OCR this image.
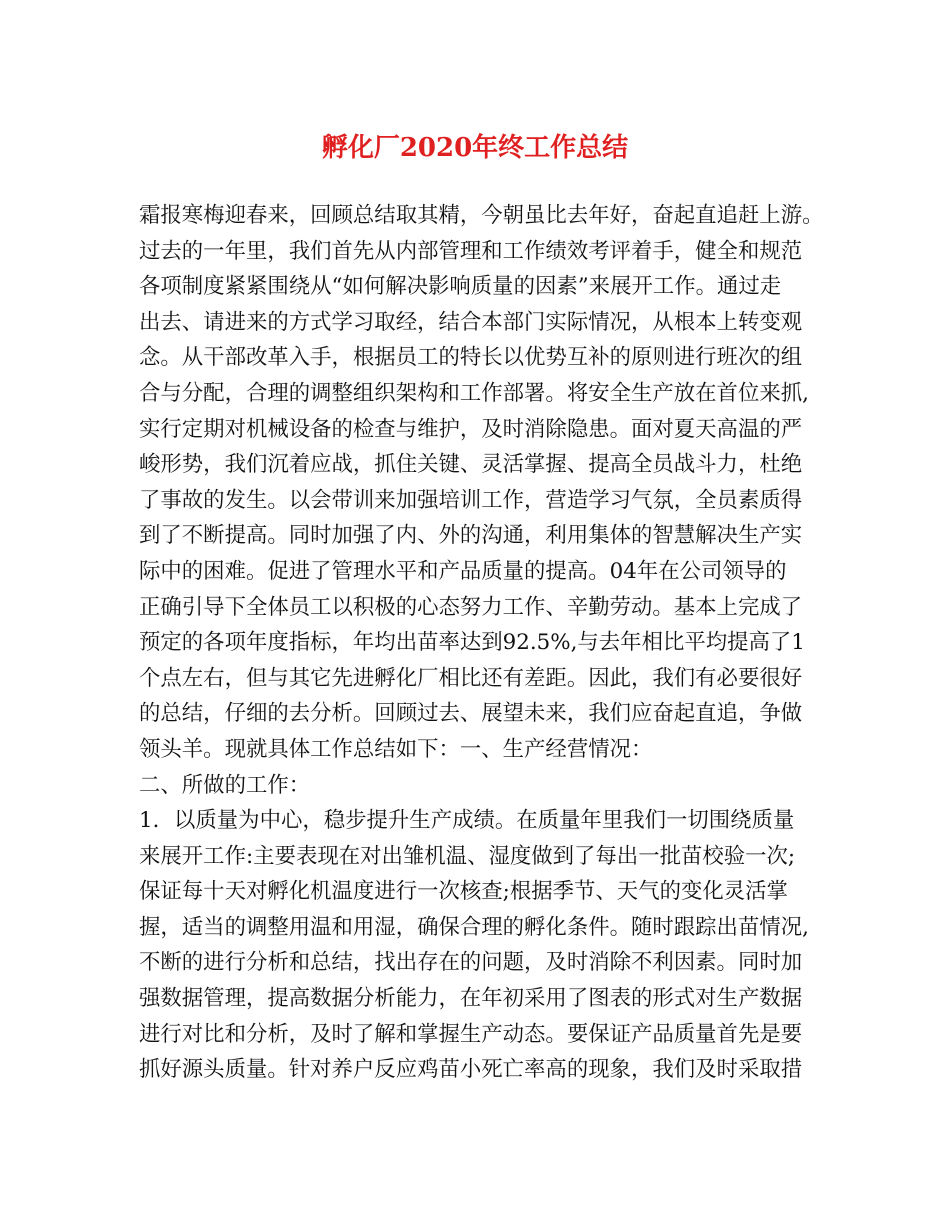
孵化厂2020年终工作总结
霜报寒梅迎春来，回顾总结取其精，今朝虽比去年好，奋起直追赶上游。
过去的一年里，我们首先从内部管理和工作绩效考评着手，健全和规范
各项制度紧紧围绕从“如何解决影响质量的因素”来展开工作。通过走
出去、请进来的方式学习取经，结合本部门实际情况，从根本上转变观
念。从干部改革入手，根据员工的特长以优势互补的原则进行班次的组
合与分配，合理的调整组织架构和工作部署。将安全生产放在首位来抓,
实行定期对机械设备的检查与维护，及时消除隐患。面对夏天高温的严
峻形势，我们沉着应战，抓住关键、灵活掌握、提高全员战斗力，杜绝
了事故的发生。以会带训来加强培训工作，营造学习气氛，全员素质得
到了不断提高。同时加强了内、外的沟通，利用集体的智慧解决生产实
际中的困难。促进了管理水平和产品质量的提高。04年在公司领导的
正确引导下全体员工以积极的心态努力工作、辛勤劳动。基本上完成了
预定的各项年度指标，年均出苗率达到92.5%,与去年相比平均提高了1
个点左右，但与其它先进孵化厂相比还有差距。因此，我们有必要很好
的总结，仔细的去分析。回顾过去、展望未来，我们应奋起直追，争做
领头羊。现就具体工作总结如下：一、生产经营情况：
二、所做的工作：
1．以质量为中心，稳步提升生产成绩。在质量年里我们一切围绕质量
来展开工作:主要表现在对出雏机温、湿度做到了每出一批苗校验一次;
保证每十天对孵化机温度进行一次核查;根据季节、天气的变化灵活掌
握，适当的调整用温和用湿，确保合理的孵化条件。随时跟踪出苗情况,
不断的进行分析和总结，找出存在的问题，及时消除不利因素。同时加
强数据管理，提高数据分析能力，在年初采用了图表的形式对生产数据
进行对比和分析，及时了解和掌握生产动态。要保证产品质量首先是要
抓好源头质量。针对养户反应鸡苗小死亡率高的现象，我们及时采取措
